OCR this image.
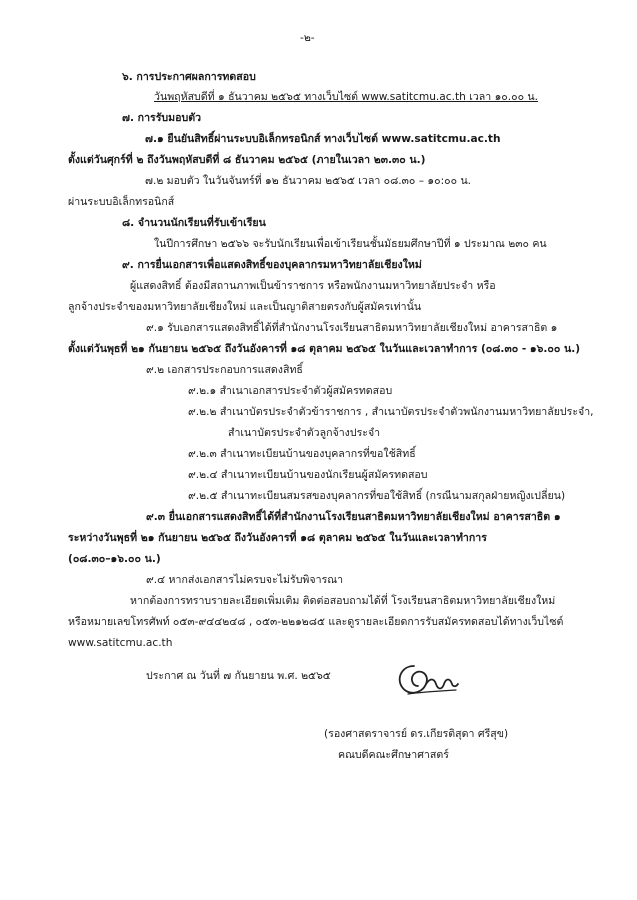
-๒-
๖. การประกาศผลการทดสอบ
วันพฤหัสบดีที่ ๑ ธันวาคม ๒๕๖๕ ทางเว็บไซต์ www.satitcmu.ac.th เวลา ๑๐.๐๐ น.
๗. การรับมอบตัว
๗.๑ ยืนยันสิทธิ์ผ่านระบบอิเล็กทรอนิกส์ ทางเว็บไซต์ www.satitcmu.ac.th
ตั้งแต่วันศุกร์ที่ ๒ ถึงวันพฤหัสบดีที่ ๘ ธันวาคม ๒๕๖๕ (ภายในเวลา ๒๓.๓๐ น.)
๗.๒ มอบตัว ในวันจันทร์ที่ ๑๒ ธันวาคม ๒๕๖๕ เวลา ๐๘.๓๐ – ๑๐:๐๐ น.
ผ่านระบบอิเล็กทรอนิกส์
๘. จำนวนนักเรียนที่รับเข้าเรียน
ในปีการศึกษา ๒๕๖๖ จะรับนักเรียนเพื่อเข้าเรียนชั้นมัธยมศึกษาปีที่ ๑ ประมาณ ๒๓๐ คน
๙. การยื่นเอกสารเพื่อแสดงสิทธิ์ของบุคลากรมหาวิทยาลัยเชียงใหม่
ผู้แสดงสิทธิ์ ต้องมีสถานภาพเป็นข้าราชการ หรือพนักงานมหาวิทยาลัยประจำ หรือ
ลูกจ้างประจำของมหาวิทยาลัยเชียงใหม่ และเป็นญาติสายตรงกับผู้สมัครเท่านั้น
๙.๑ รับเอกสารแสดงสิทธิ์ได้ที่สำนักงานโรงเรียนสาธิตมหาวิทยาลัยเชียงใหม่ อาคารสาธิต ๑
ตั้งแต่วันพุธที่ ๒๑ กันยายน ๒๕๖๕ ถึงวันอังคารที่ ๑๘ ตุลาคม ๒๕๖๕ ในวันและเวลาทำการ (๐๘.๓๐ - ๑๖.๐๐ น.)
๙.๒ เอกสารประกอบการแสดงสิทธิ์
๙.๒.๑ สำเนาเอกสารประจำตัวผู้สมัครทดสอบ
๙.๒.๒ สำเนาบัตรประจำตัวข้าราชการ , สำเนาบัตรประจำตัวพนักงานมหาวิทยาลัยประจำ,
สำเนาบัตรประจำตัวลูกจ้างประจำ
๙.๒.๓ สำเนาทะเบียนบ้านของบุคลากรที่ขอใช้สิทธิ์
๙.๒.๔ สำเนาทะเบียนบ้านของนักเรียนผู้สมัครทดสอบ
๙.๒.๕ สำเนาทะเบียนสมรสของบุคลากรที่ขอใช้สิทธิ์ (กรณีนามสกุลฝ่ายหญิงเปลี่ยน)
๙.๓ ยื่นเอกสารแสดงสิทธิ์ได้ที่สำนักงานโรงเรียนสาธิตมหาวิทยาลัยเชียงใหม่ อาคารสาธิต ๑
ระหว่างวันพุธที่ ๒๑ กันยายน ๒๕๖๕ ถึงวันอังคารที่ ๑๘ ตุลาคม ๒๕๖๕ ในวันและเวลาทำการ
(๐๘.๓๐–๑๖.๐๐ น.)
๙.๔ หากส่งเอกสารไม่ครบจะไม่รับพิจารณา
หากต้องการทราบรายละเอียดเพิ่มเติม ติดต่อสอบถามได้ที่ โรงเรียนสาธิตมหาวิทยาลัยเชียงใหม่
หรือหมายเลขโทรศัพท์ ๐๕๓-๙๔๔๒๔๘ , ๐๕๓-๒๒๑๒๘๕ และดูรายละเอียดการรับสมัครทดสอบได้ทางเว็บไซต์
www.satitcmu.ac.th
ประกาศ ณ วันที่ ๗ กันยายน พ.ศ. ๒๕๖๕
(รองศาสตราจารย์ ดร.เกียรติสุดา ศรีสุข)
คณบดีคณะศึกษาศาสตร์
